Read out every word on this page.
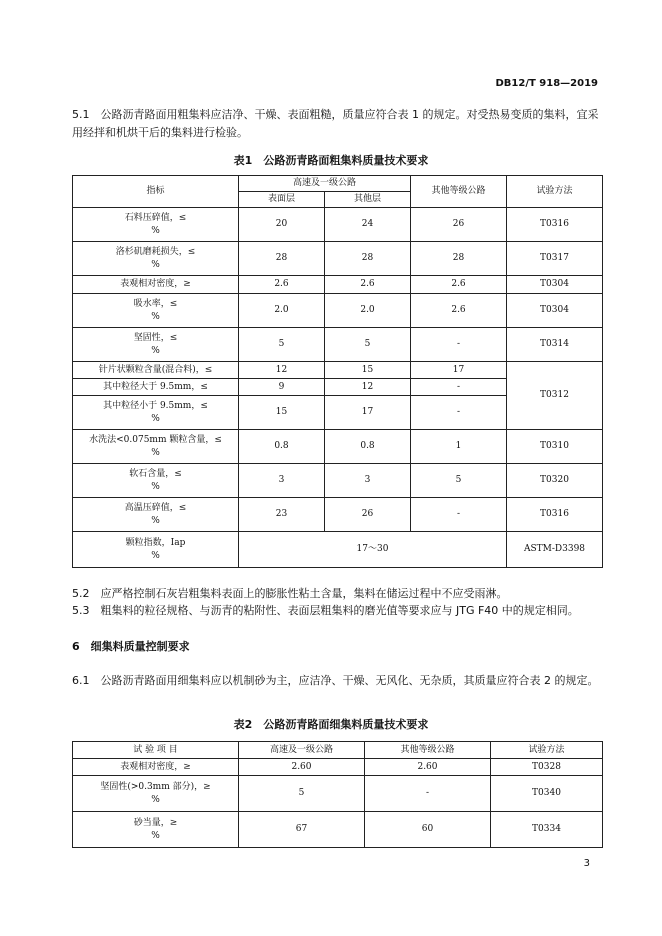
DB12/T 918—2019
5.1　公路沥青路面用粗集料应洁净、干燥、表面粗糙，质量应符合表 1 的规定。对受热易变质的集料，宜采用经拌和机烘干后的集料进行检验。
表1　公路沥青路面粗集料质量技术要求
指标	高速及一级公路		其他等级公路	试验方法
	表面层	其他层		

石料压碎值，≤
%	20	24	26	T0316

洛杉矶磨耗损失，≤
%	28	28	28	T0317
表观相对密度，≥	2.6	2.6	2.6	T0304

吸水率，≤
%	2.0	2.0	2.6	T0304

坚固性，≤
%	5	5	-	T0314
针片状颗粒含量(混合料)，≤	12	15	17	T0312
其中粒径大于 9.5mm，≤	9	12	-	

其中粒径小于 9.5mm，≤
%	15	17	-	

水洗法<0.075mm 颗粒含量，≤
%	0.8	0.8	1	T0310

软石含量，≤
%	3	3	5	T0320

高温压碎值，≤
%	23	26	-	T0316

颗粒指数，Iap
%	17～30			ASTM-D3398
5.2　应严格控制石灰岩粗集料表面上的膨胀性粘土含量，集料在储运过程中不应受雨淋。
5.3　粗集料的粒径规格、与沥青的粘附性、表面层粗集料的磨光值等要求应与 JTG F40 中的规定相同。
6　细集料质量控制要求
6.1　公路沥青路面用细集料应以机制砂为主，应洁净、干燥、无风化、无杂质，其质量应符合表 2 的规定。
表2　公路沥青路面细集料质量技术要求
试 验 项 目	高速及一级公路	其他等级公路	试验方法
表观相对密度，≥	2.60	2.60	T0328

坚固性(>0.3mm 部分)，≥
%	5	-	T0340

砂当量，≥
%	67	60	T0334
3
